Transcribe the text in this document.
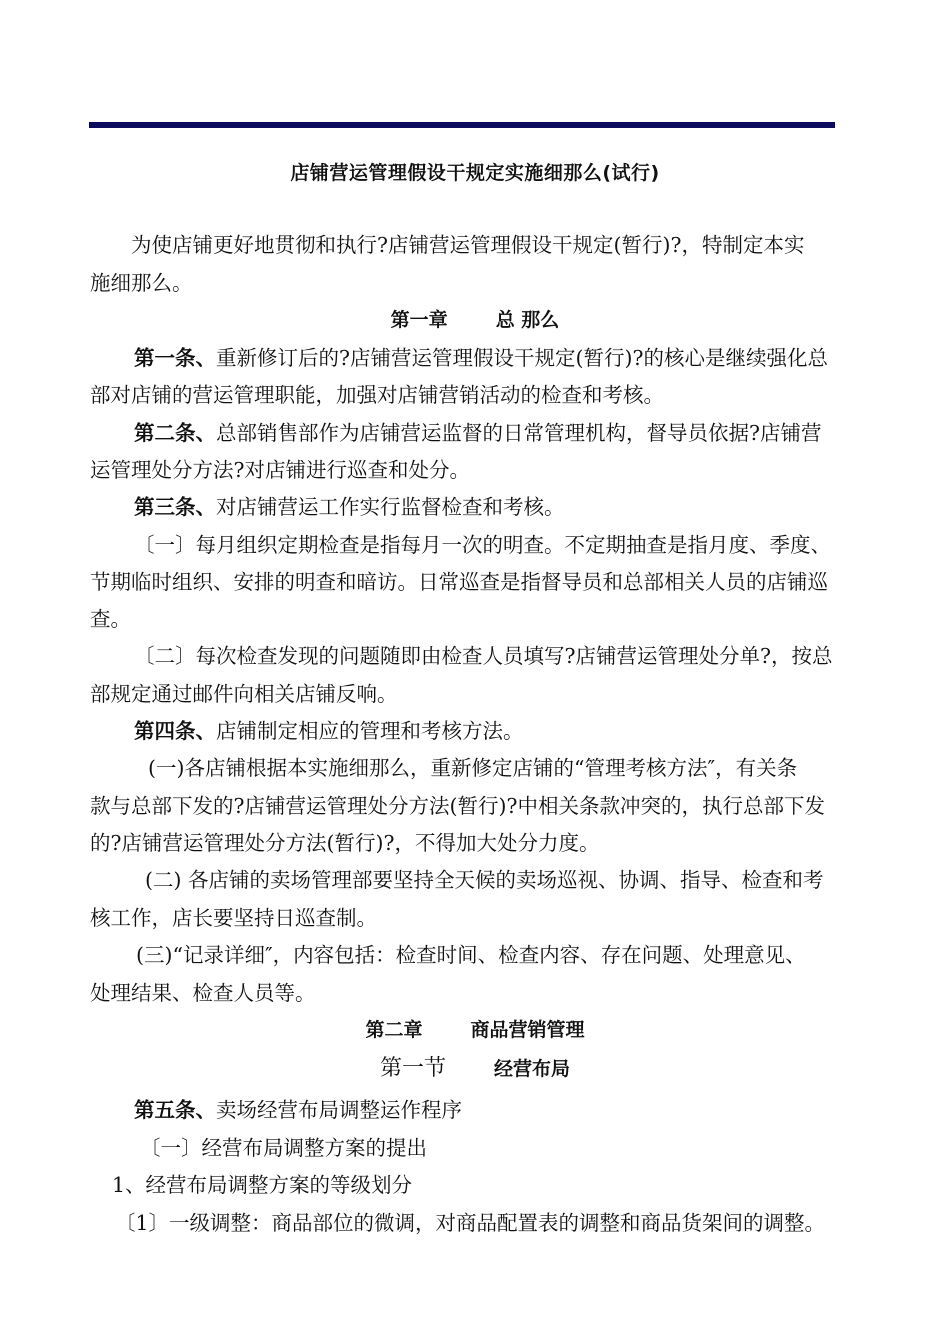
店铺营运管理假设干规定实施细那么(试行)
　　为使店铺更好地贯彻和执行?店铺营运管理假设干规定(暂行)?，特制定本实
施细那么。
第一章	总 那么
第一条、重新修订后的?店铺营运管理假设干规定(暂行)?的核心是继续强化总
部对店铺的营运管理职能，加强对店铺营销活动的检查和考核。
第二条、总部销售部作为店铺营运监督的日常管理机构，督导员依据?店铺营
运管理处分方法?对店铺进行巡查和处分。
第三条、对店铺营运工作实行监督检查和考核。
〔一〕每月组织定期检查是指每月一次的明查。不定期抽查是指月度、季度、
节期临时组织、安排的明查和暗访。日常巡查是指督导员和总部相关人员的店铺巡
查。
〔二〕每次检查发现的问题随即由检查人员填写?店铺营运管理处分单?，按总
部规定通过邮件向相关店铺反响。
第四条、店铺制定相应的管理和考核方法。
(一)各店铺根据本实施细那么，重新修定店铺的“管理考核方法″，有关条
款与总部下发的?店铺营运管理处分方法(暂行)?中相关条款冲突的，执行总部下发
的?店铺营运管理处分方法(暂行)?，不得加大处分力度。
(二) 各店铺的卖场管理部要坚持全天候的卖场巡视、协调、指导、检查和考
核工作，店长要坚持日巡查制。
(三)“记录详细″，内容包括：检查时间、检查内容、存在问题、处理意见、
处理结果、检查人员等。
第二章	商品营销管理
第一节	经营布局
第五条、卖场经营布局调整运作程序
〔一〕经营布局调整方案的提出
1、经营布局调整方案的等级划分
〔1〕一级调整：商品部位的微调，对商品配置表的调整和商品货架间的调整。
